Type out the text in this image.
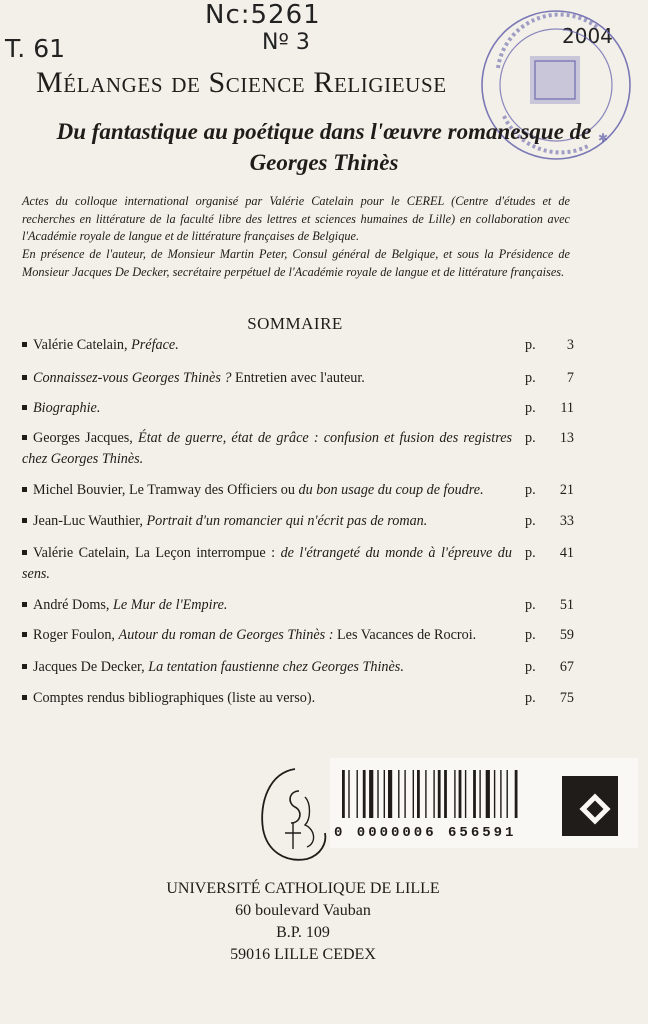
Nc:5261
T. 61	Nº 3	2004
✱
Mélanges de Science Religieuse
Du fantastique au poétique dans l'œuvre romanesque de Georges Thinès

Actes du colloque international organisé par Valérie Catelain pour le CEREL (Centre d'études et de recherches en littérature de la faculté libre des lettres et sciences humaines de Lille) en collaboration avec l'Académie royale de langue et de littérature françaises de Belgique.

En présence de l'auteur, de Monsieur Martin Peter, Consul général de Belgique, et sous la Présidence de Monsieur Jacques De Decker, secrétaire perpétuel de l'Académie royale de langue et de littérature françaises.

SOMMAIRE
Valérie Catelain, Préface.	p.	3
Connaissez-vous Georges Thinès ? Entretien avec l'auteur.	p.	7
Biographie.	p.	11
Georges Jacques, État de guerre, état de grâce : confusion et fusion des registres chez Georges Thinès.
p.	13
Michel Bouvier, Le Tramway des Officiers ou du bon usage du coup de foudre.	p.	21
Jean-Luc Wauthier, Portrait d'un romancier qui n'écrit pas de roman.	p.	33
Valérie Catelain, La Leçon interrompue : de l'étrangeté du monde à l'épreuve du sens.
p.	41
André Doms, Le Mur de l'Empire.	p.	51
Roger Foulon, Autour du roman de Georges Thinès : Les Vacances de Rocroi.	p.	59
Jacques De Decker, La tentation faustienne chez Georges Thinès.	p.	67
Comptes rendus bibliographiques (liste au verso).	p.	75
0 0000006 656591
UNIVERSITÉ CATHOLIQUE DE LILLE
60 boulevard Vauban
B.P. 109
59016 LILLE CEDEX
